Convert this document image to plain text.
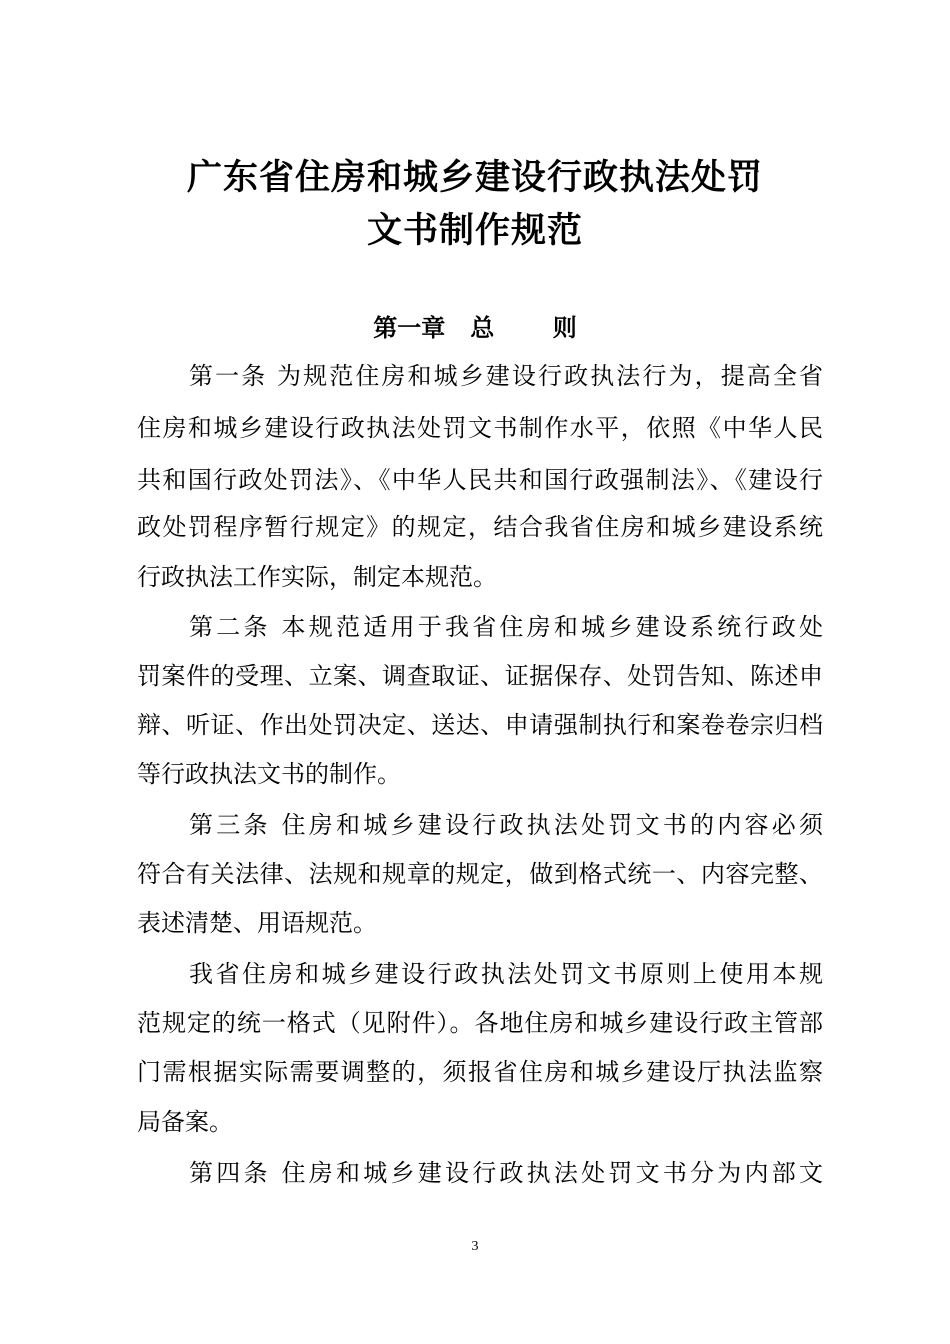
广东省住房和城乡建设行政执法处罚
文书制作规范
第一章   总       则
第一条 为规范住房和城乡建设行政执法行为，提高全省
住房和城乡建设行政执法处罚文书制作水平，依照《中华人民
共和国行政处罚法》、《中华人民共和国行政强制法》、《建设行
政处罚程序暂行规定》的规定，结合我省住房和城乡建设系统
行政执法工作实际，制定本规范。
第二条 本规范适用于我省住房和城乡建设系统行政处
罚案件的受理、立案、调查取证、证据保存、处罚告知、陈述申
辩、听证、作出处罚决定、送达、申请强制执行和案卷卷宗归档
等行政执法文书的制作。
第三条 住房和城乡建设行政执法处罚文书的内容必须
符合有关法律、法规和规章的规定，做到格式统一、内容完整、
表述清楚、用语规范。
我省住房和城乡建设行政执法处罚文书原则上使用本规
范规定的统一格式（见附件）。各地住房和城乡建设行政主管部
门需根据实际需要调整的，须报省住房和城乡建设厅执法监察
局备案。
第四条 住房和城乡建设行政执法处罚文书分为内部文
3
